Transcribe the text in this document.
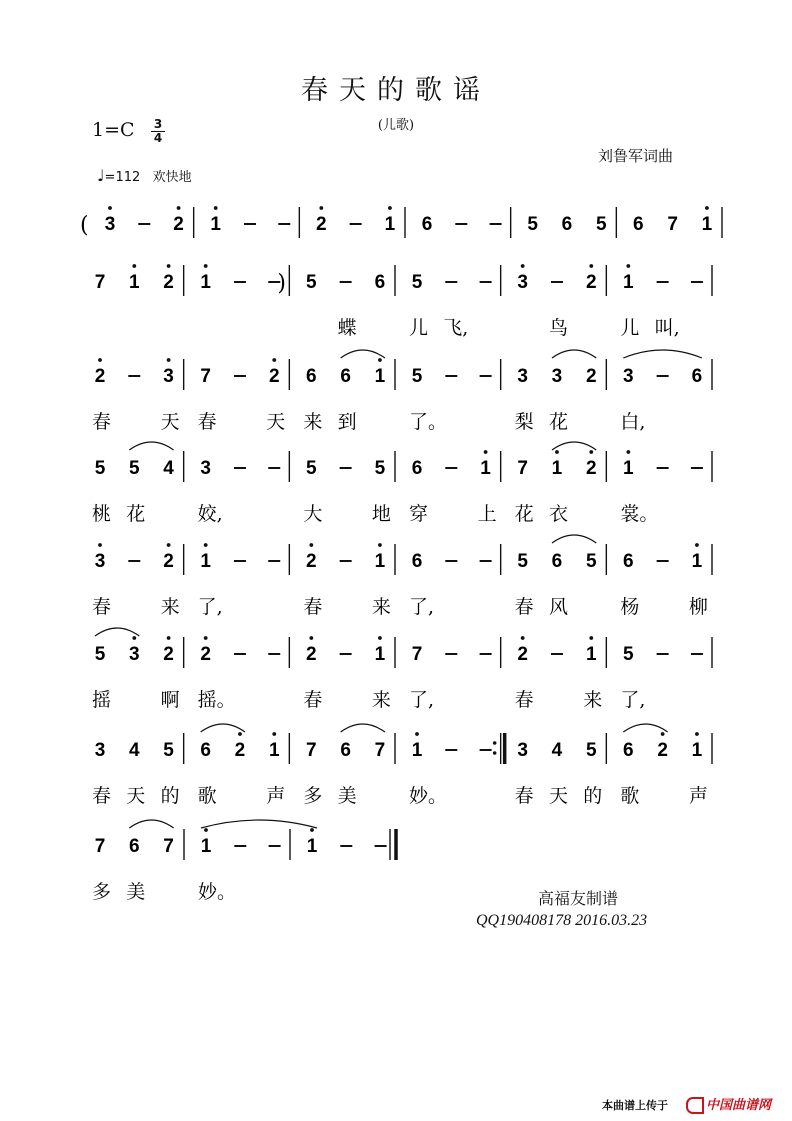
春天的歌谣
(儿歌)
1=C 3
4
♩=112 欢快地
刘鲁军词曲
3	2 1	2	1 6	5 6 5 6 7 1
(
7 1 2 1	) 5	6 5	3	2 1
蝶	儿 飞,	鸟	儿 叫,
2	3 7	2 6 6 1 5	3 3 2 3	6
春	天 春	天 来 到	了。	梨 花	白,
5 5 4 3	5	5 6	1 7 1 2 1
桃 花	姣,	大	地 穿	上 花 衣	裳。
3	2 1	2	1 6	5 6 5 6	1
春	来 了,	春	来 了,	春 风	杨	柳
5 3 2 2	2	1 7	2	1 5
摇	啊 摇。	春	来 了,	春	来 了,
3 4 5 6 2 1 7 6 7 1	3 4 5 6 2 1
春 天 的 歌	声 多 美	妙。	春 天 的 歌	声
7 6 7 1	1
多 美	妙。	高福友制谱
QQ190408178 2016.03.23
本曲谱上传于	中国曲谱网
